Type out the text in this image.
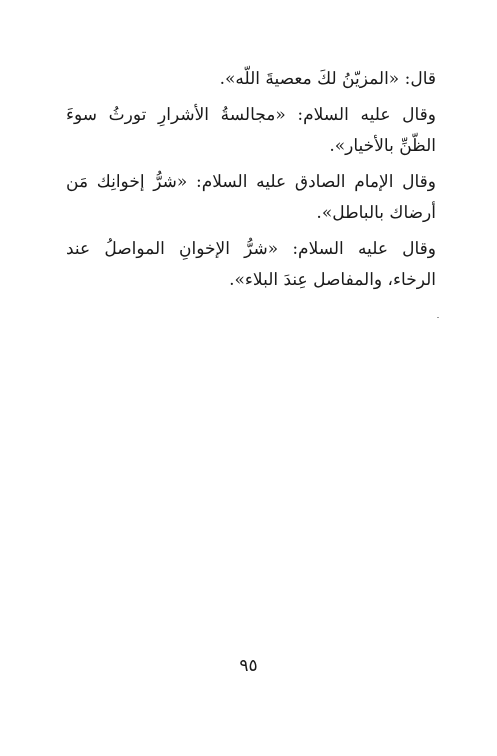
قال: «المزيّنُ لكَ معصيةَ اللّه».

وقال عليه السلام: «مجالسةُ الأشرارِ تورثُ سوءَ الظّنِّ بالأخيار».

وقال الإمام الصادق عليه السلام: «شرُّ إخوانِك مَن أرضاك بالباطل».

وقال عليه السلام: «شرُّ الإخوانِ المواصلُ عند الرخاء، والمفاصل عِندَ البلاء».

٩٥
